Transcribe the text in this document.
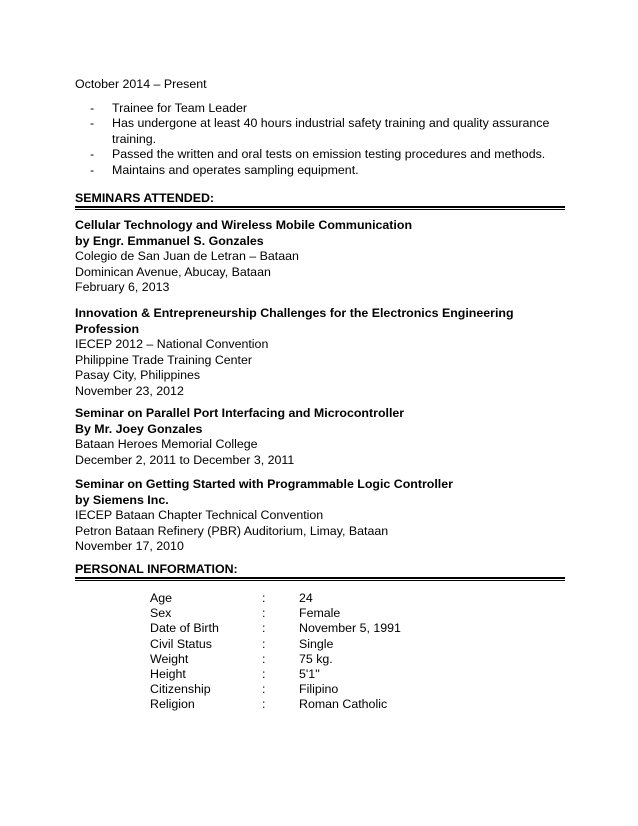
October 2014 – Present
- Trainee for Team Leader
- Has undergone at least 40 hours industrial safety training and quality assurance training.
- Passed the written and oral tests on emission testing procedures and methods.
- Maintains and operates sampling equipment.
SEMINARS ATTENDED:
Cellular Technology and Wireless Mobile Communication
by Engr. Emmanuel S. Gonzales
Colegio de San Juan de Letran – Bataan
Dominican Avenue, Abucay, Bataan
February 6, 2013
Innovation & Entrepreneurship Challenges for the Electronics Engineering
Profession
IECEP 2012 – National Convention
Philippine Trade Training Center
Pasay City, Philippines
November 23, 2012
Seminar on Parallel Port Interfacing and Microcontroller
By Mr. Joey Gonzales
Bataan Heroes Memorial College
December 2, 2011 to December 3, 2011
Seminar on Getting Started with Programmable Logic Controller
by Siemens Inc.
IECEP Bataan Chapter Technical Convention
Petron Bataan Refinery (PBR) Auditorium, Limay, Bataan
November 17, 2010
PERSONAL INFORMATION:
Age	:	24
Sex	:	Female
Date of Birth	:	November 5, 1991
Civil Status	:	Single
Weight	:	75 kg.
Height	:	5'1''
Citizenship	:	Filipino
Religion	:	Roman Catholic
